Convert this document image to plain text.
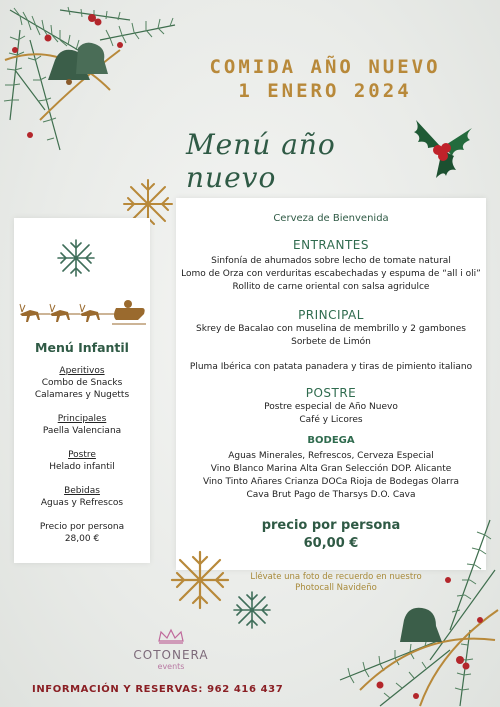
COMIDA AÑO NUEVO
1 ENERO 2024
Menú año nuevo
Menú Infantil
Aperitivos
Combo de Snacks
Calamares y Nugetts
Principales
Paella Valenciana
Postre
Helado infantil
Bebidas
Aguas y Refrescos
Precio por persona
28,00 €
Cerveza de Bienvenida
ENTRANTES
Sinfonía de ahumados sobre lecho de tomate natural
Lomo de Orza con verduritas escabechadas y espuma de “all i oli”
Rollito de carne oriental con salsa agridulce
PRINCIPAL
Skrey de Bacalao con muselina de membrillo y 2 gambones
Sorbete de Limón
Pluma Ibérica con patata panadera y tiras de pimiento italiano
POSTRE
Postre especial de Año Nuevo
Café y Licores
BODEGA
Aguas Minerales, Refrescos, Cerveza Especial
Vino Blanco Marina Alta Gran Selección DOP. Alicante
Vino Tinto Añares Crianza DOCa Rioja de Bodegas Olarra
Cava Brut Pago de Tharsys D.O. Cava
precio por persona
60,00 €
Llévate una foto de recuerdo en nuestro
Photocall Navideño
COTONERA
events
INFORMACIÓN Y RESERVAS: 962 416 437
